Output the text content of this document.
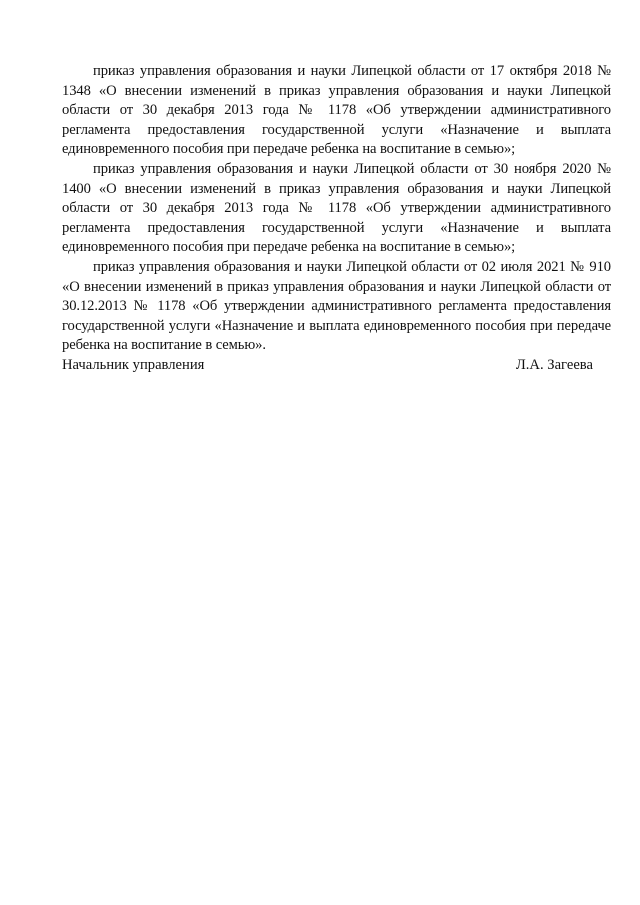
приказ управления образования и науки Липецкой области от 17 октября 2018 № 1348 «О внесении изменений в приказ управления образования и науки Липецкой области от 30 декабря 2013 года № 1178 «Об утверждении административного регламента предоставления государственной услуги «Назначение и выплата единовременного пособия при передаче ребенка на воспитание в семью»;

приказ управления образования и науки Липецкой области от 30 ноября 2020 № 1400 «О внесении изменений в приказ управления образования и науки Липецкой области от 30 декабря 2013 года № 1178 «Об утверждении административного регламента предоставления государственной услуги «Назначение и выплата единовременного пособия при передаче ребенка на воспитание в семью»;

приказ управления образования и науки Липецкой области от 02 июля 2021 № 910 «О внесении изменений в приказ управления образования и науки Липецкой области от 30.12.2013 № 1178 «Об утверждении административного регламента предоставления государственной услуги «Назначение и выплата единовременного пособия при передаче ребенка на воспитание в семью».

Начальник управления	Л.А. Загеева
